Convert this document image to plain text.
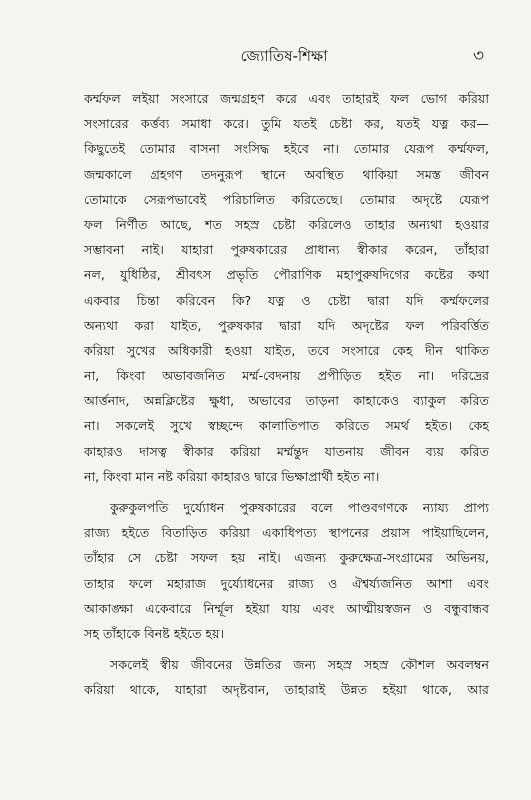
জ্যোতিষ-শিক্ষা	৩
কর্ম্মফল লইয়া সংসারে জন্মগ্রহণ করে এবং তাহারই ফল ভোগ করিয়া
সংসারের কর্ত্তব্য সমাধা করে। তুমি যতই চেষ্টা কর, যতই যত্ন কর—
কিছুতেই তোমার বাসনা সংসিদ্ধ হইবে না। তোমার যেরূপ কর্ম্মফল,
জন্মকালে গ্রহগণ তদনুরূপ স্থানে অবস্থিত থাকিয়া সমস্ত জীবন
তোমাকে সেরূপভাবেই পরিচালিত করিতেছে। তোমার অদৃষ্টে যেরূপ
ফল নির্ণীত আছে, শত সহস্র চেষ্টা করিলেও তাহার অন্যথা হওয়ার
সম্ভাবনা নাই। যাহারা পুরুষকারের প্রাধান্য স্বীকার করেন, তাঁহারা
নল, যুধিষ্ঠির, শ্রীবৎস প্রভৃতি পৌরাণিক মহাপুরুষদিগের কষ্টের কথা
একবার চিন্তা করিবেন কি? যত্ন ও চেষ্টা দ্বারা যদি কর্ম্মফলের
অন্যথা করা যাইত, পুরুষকার দ্বারা যদি অদৃষ্টের ফল পরিবর্ত্তিত
করিয়া সুখের অধিকারী হওয়া যাইত, তবে সংসারে কেহ দীন থাকিত
না, কিংবা অভাবজনিত মর্ম্ম-বেদনায় প্রপীড়িত হইত না। দরিদ্রের
আর্ত্তনাদ, অন্নক্লিষ্টের ক্ষুধা, অভাবের তাড়না কাহাকেও ব্যাকুল করিত
না। সকলেই সুখে স্বচ্ছন্দে কালাতিপাত করিতে সমর্থ হইত। কেহ
কাহারও দাসত্ব স্বীকার করিয়া মর্ম্মন্তুদ যাতনায় জীবন ব্যয় করিত
না, কিংবা মান নষ্ট করিয়া কাহারও দ্বারে ভিক্ষাপ্রার্থী হইত না।
কুরুকুলপতি দুর্য্যোধন পুরুষকারের বলে পাণ্ডবগণকে ন্যায্য প্রাপ্য
রাজ্য হইতে বিতাড়িত করিয়া একাধিপত্য স্থাপনের প্রয়াস পাইয়াছিলেন,
তাঁহার সে চেষ্টা সফল হয় নাই। এজন্য কুরুক্ষেত্র-সংগ্রামের অভিনয়,
তাহার ফলে মহারাজ দুর্য্যোধনের রাজ্য ও ঐশ্বর্য্যজনিত আশা এবং
আকাঙ্ক্ষা একেবারে নির্ম্মূল হইয়া যায় এবং আত্মীয়স্বজন ও বন্ধুবান্ধব
সহ তাঁহাকে বিনষ্ট হইতে হয়।
সকলেই স্বীয় জীবনের উন্নতির জন্য সহস্র সহস্র কৌশল অবলম্বন
করিয়া থাকে, যাহারা অদৃষ্টবান, তাহারাই উন্নত হইয়া থাকে, আর
